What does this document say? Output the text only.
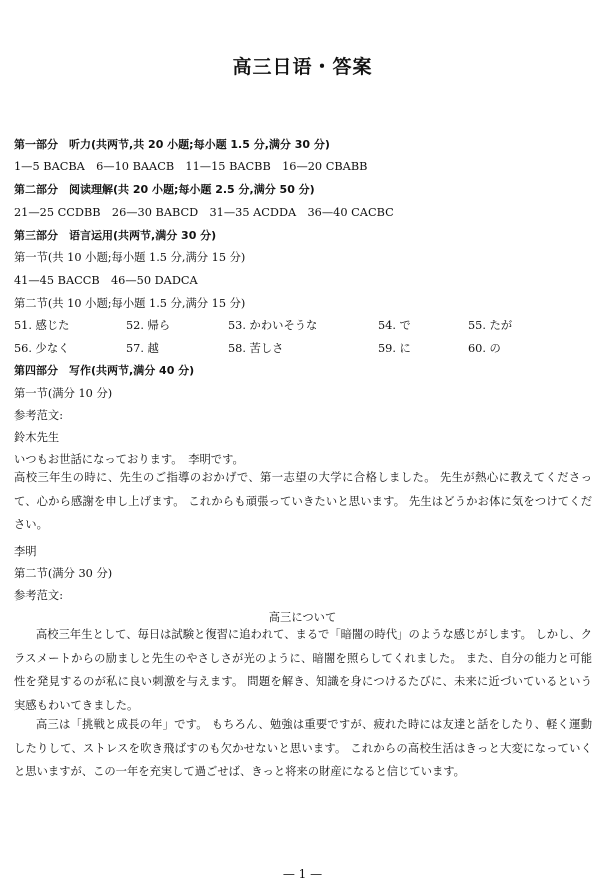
高三日语・答案
第一部分　听力(共两节,共 20 小题;每小题 1.5 分,满分 30 分)
1—5 BACBA　6—10 BAACB　11—15 BACBB　16—20 CBABB
第二部分　阅读理解(共 20 小题;每小题 2.5 分,满分 50 分)
21—25 CCDBB　26—30 BABCD　31—35 ACDDA　36—40 CACBC
第三部分　语言运用(共两节,满分 30 分)
第一节(共 10 小题;每小题 1.5 分,满分 15 分)
41—45 BACCB　46—50 DADCA
第二节(共 10 小题;每小题 1.5 分,满分 15 分)
51. 感じた	52. 帰ら	53. かわいそうな	54. で	55. たが
56. 少なく	57. 越	58. 苦しさ	59. に	60. の
第四部分　写作(共两节,满分 40 分)
第一节(满分 10 分)
参考范文:
鈴木先生
いつもお世話になっております。　李明です。
高校三年生の時に、先生のご指導のおかげで、第一志望の大学に合格しました。 先生が熱心に教えてくださって、心から感謝を申し上げます。 これからも頑張っていきたいと思います。 先生はどうかお体に気をつけてください。
李明
第二节(满分 30 分)
参考范文:
高三について
高校三年生として、毎日は試験と復習に追われて、まるで「暗闇の時代」のような感じがします。 しかし、クラスメートからの励ましと先生のやさしさが光のように、暗闇を照らしてくれました。 また、自分の能力と可能性を発見するのが私に良い刺激を与えます。 問題を解き、知識を身につけるたびに、未来に近づいているという実感もわいてきました。
高三は「挑戦と成長の年」です。 もちろん、勉強は重要ですが、疲れた時には友達と話をしたり、軽く運動したりして、ストレスを吹き飛ばすのも欠かせないと思います。 これからの高校生活はきっと大変になっていくと思いますが、この一年を充実して過ごせば、きっと将来の財産になると信じています。
— 1 —
